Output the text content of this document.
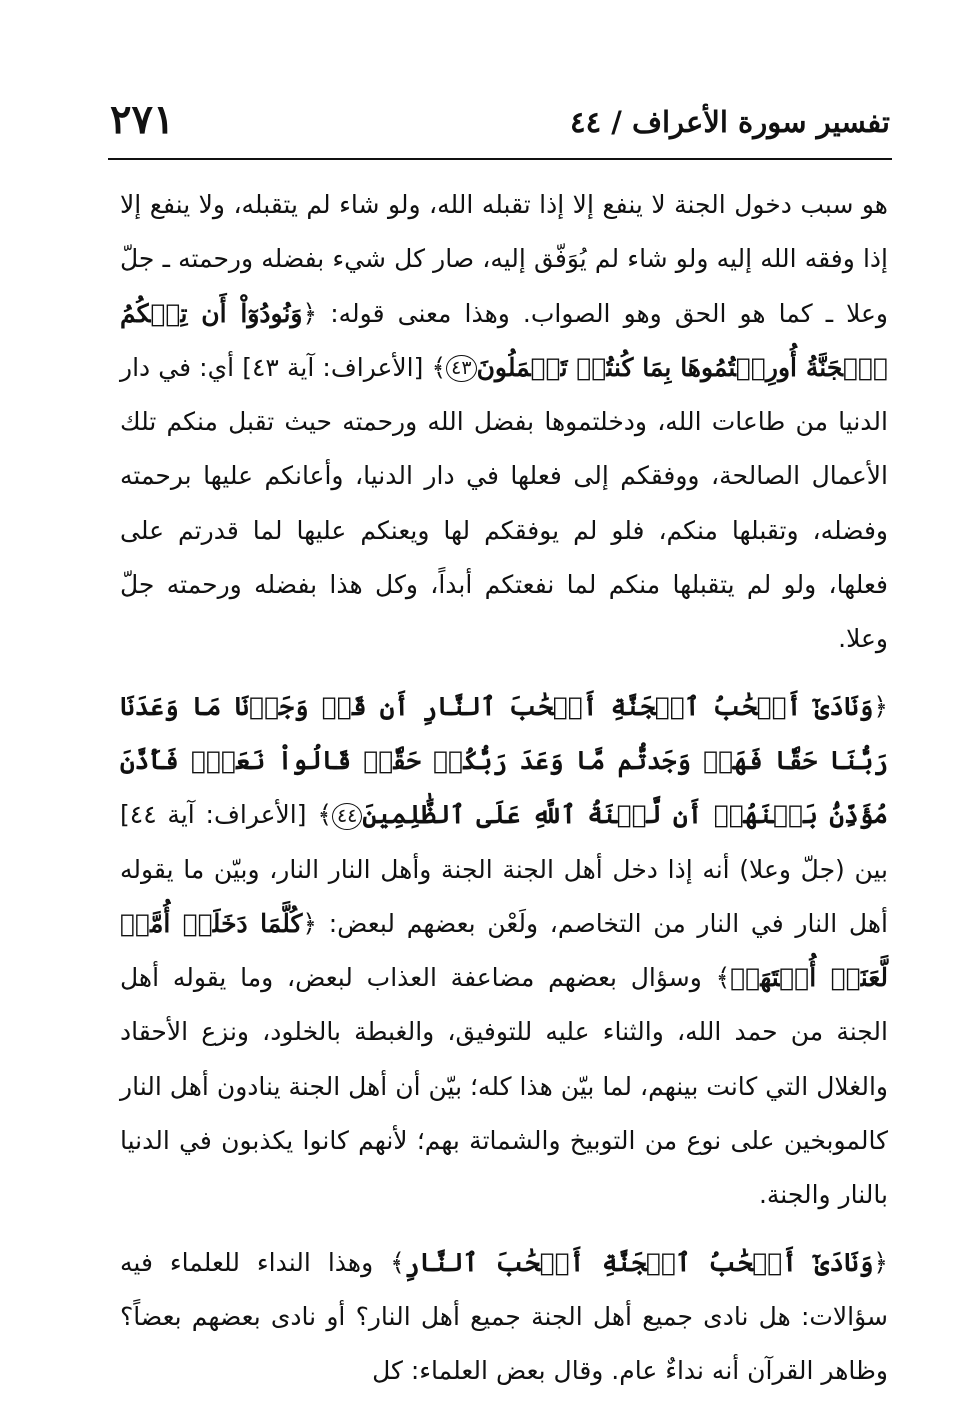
تفسير سورة الأعراف / ٤٤
٢٧١

هو سبب دخول الجنة لا ينفع إلا إذا تقبله الله، ولو شاء لم يتقبله، ولا ينفع إلا إذا وفقه الله إليه ولو شاء لم يُوَفّق إليه، صار كل شيء بفضله ورحمته ـ جلّ وعلا ـ كما هو الحق وهو الصواب. وهذا معنى قوله: ﴿وَنُودُوٓاْ أَن تِلۡكُمُ ٱلۡجَنَّةُ أُورِثۡتُمُوهَا بِمَا كُنتُمۡ تَعۡمَلُونَ٤٣﴾ [الأعراف: آية ٤٣] أي: في دار الدنيا من طاعات الله، ودخلتموها بفضل الله ورحمته حيث تقبل منكم تلك الأعمال الصالحة، ووفقكم إلى فعلها في دار الدنيا، وأعانكم عليها برحمته وفضله، وتقبلها منكم، فلو لم يوفقكم لها ويعنكم عليها لما قدرتم على فعلها، ولو لم يتقبلها منكم لما نفعتكم أبداً، وكل هذا بفضله ورحمته جلّ وعلا.

﴿وَنَادَىٰٓ أَصۡحَٰبُ ٱلۡجَنَّةِ أَصۡحَٰبَ ٱلنَّارِ أَن قَدۡ وَجَدۡنَا مَا وَعَدَنَا رَبُّنَا حَقّٗا فَهَلۡ وَجَدتُّم مَّا وَعَدَ رَبُّكُمۡ حَقّٗاۖ قَالُواْ نَعَمۡۚ فَأَذَّنَ مُؤَذِّنُۢ بَيۡنَهُمۡ أَن لَّعۡنَةُ ٱللَّهِ عَلَى ٱلظَّٰلِمِينَ٤٤﴾ [الأعراف: آية ٤٤] بين (جلّ وعلا) أنه إذا دخل أهل الجنة الجنة وأهل النار النار، وبيّن ما يقوله أهل النار في النار من التخاصم، ولَعْن بعضهم لبعض: ﴿كُلَّمَا دَخَلَتۡ أُمَّةٞ لَّعَنَتۡ أُخۡتَهَاۖ﴾ وسؤال بعضهم مضاعفة العذاب لبعض، وما يقوله أهل الجنة من حمد الله، والثناء عليه للتوفيق، والغبطة بالخلود، ونزع الأحقاد والغلال التي كانت بينهم، لما بيّن هذا كله؛ بيّن أن أهل الجنة ينادون أهل النار كالموبخين على نوع من التوبيخ والشماتة بهم؛ لأنهم كانوا يكذبون في الدنيا بالنار والجنة.

﴿وَنَادَىٰٓ أَصۡحَٰبُ ٱلۡجَنَّةِ أَصۡحَٰبَ ٱلنَّارِ﴾ وهذا النداء للعلماء فيه سؤالات: هل نادى جميع أهل الجنة جميع أهل النار؟ أو نادى بعضهم بعضاً؟ وظاهر القرآن أنه نداءٌ عام. وقال بعض العلماء: كل
